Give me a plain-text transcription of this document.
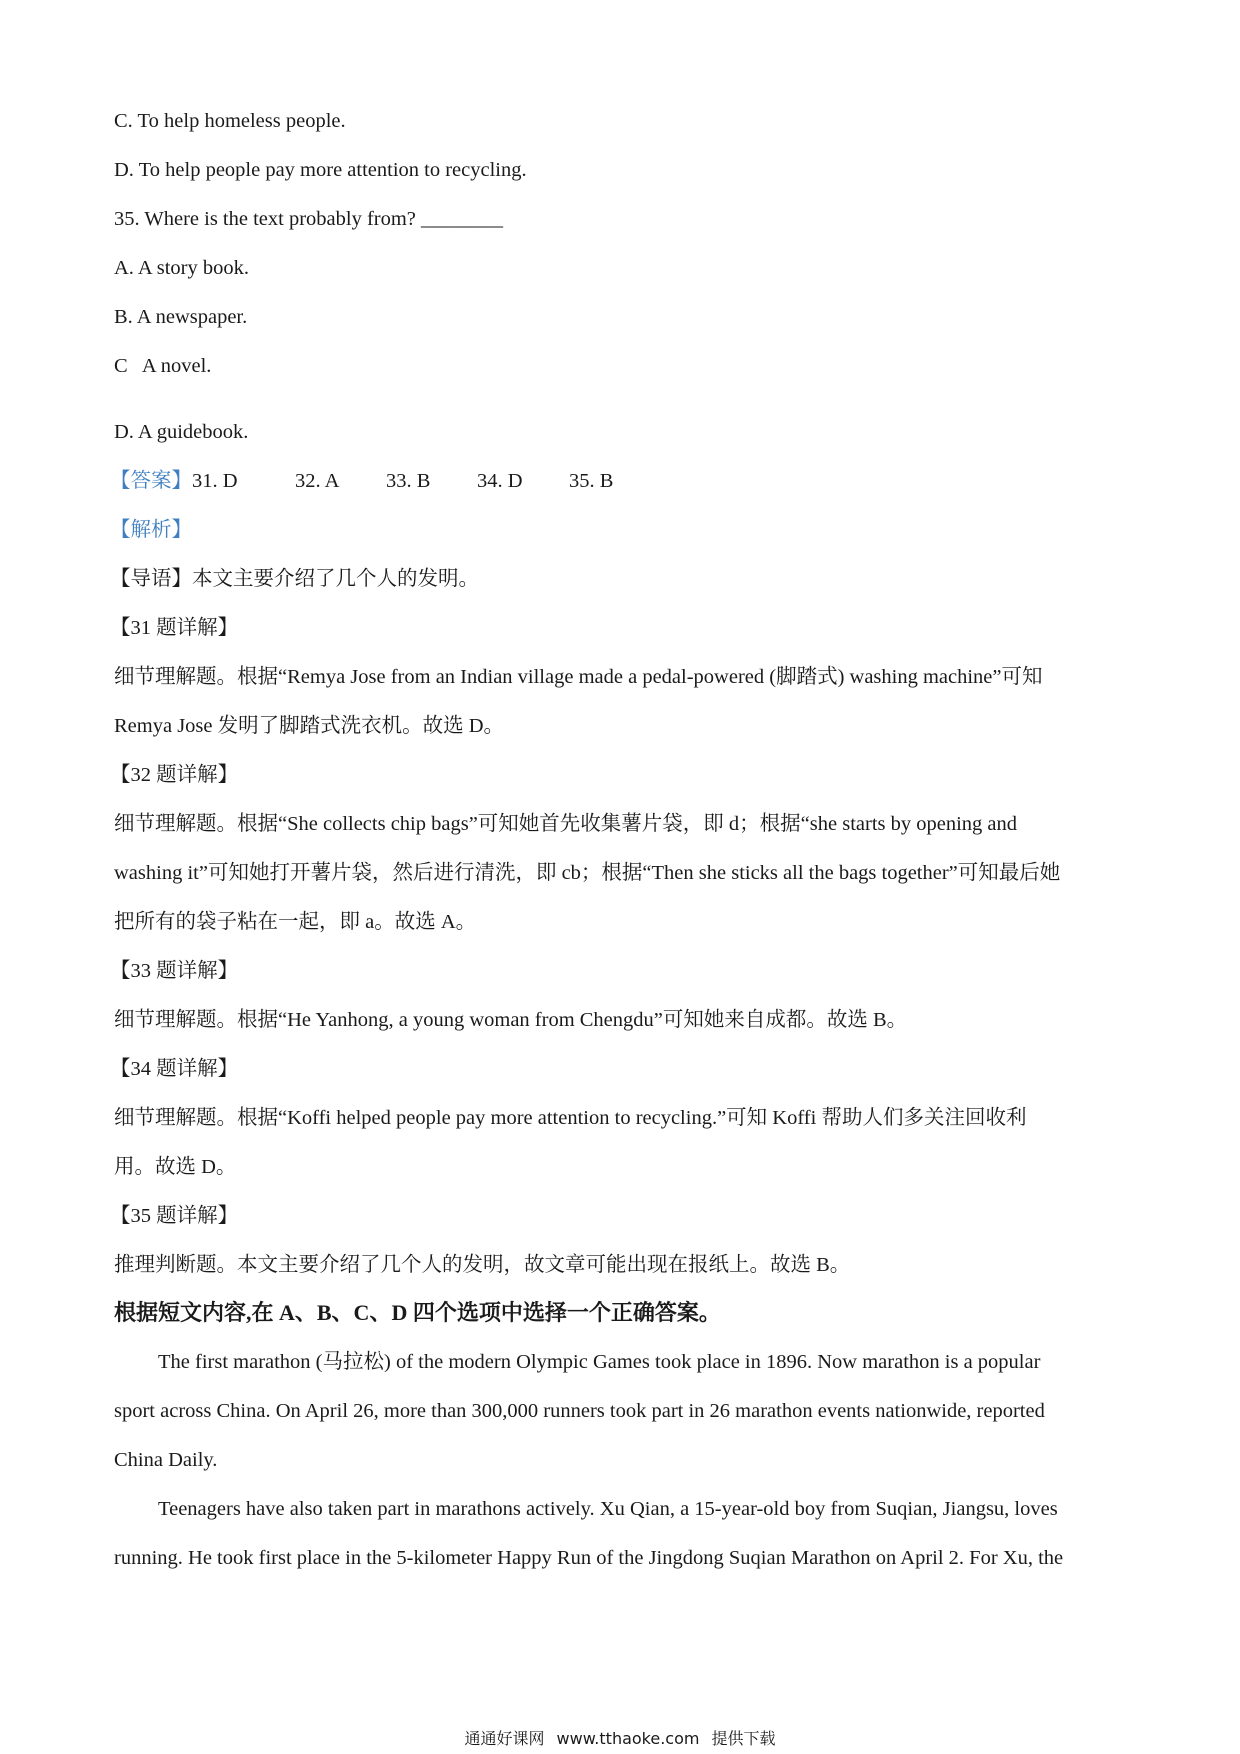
C. To help homeless people.
D. To help people pay more attention to recycling.
35. Where is the text probably from? ________
A. A story book.
B. A newspaper.
C   A novel.
D. A guidebook.
【答案】31. D	32. A 33. B 34. D 35. B
【解析】
【导语】本文主要介绍了几个人的发明。
【31 题详解】
细节理解题。根据“Remya Jose from an Indian village made a pedal-powered (脚踏式) washing machine”可知
Remya Jose 发明了脚踏式洗衣机。故选 D。
【32 题详解】
细节理解题。根据“She collects chip bags”可知她首先收集薯片袋，即 d；根据“she starts by opening and
washing it”可知她打开薯片袋，然后进行清洗，即 cb；根据“Then she sticks all the bags together”可知最后她
把所有的袋子粘在一起，即 a。故选 A。
【33 题详解】
细节理解题。根据“He Yanhong, a young woman from Chengdu”可知她来自成都。故选 B。
【34 题详解】
细节理解题。根据“Koffi helped people pay more attention to recycling.”可知 Koffi 帮助人们多关注回收利
用。故选 D。
【35 题详解】
推理判断题。本文主要介绍了几个人的发明，故文章可能出现在报纸上。故选 B。
根据短文内容,在 A、B、C、D 四个选项中选择一个正确答案。
The first marathon (马拉松) of the modern Olympic Games took place in 1896. Now marathon is a popular
sport across China. On April 26, more than 300,000 runners took part in 26 marathon events nationwide, reported
China Daily.
Teenagers have also taken part in marathons actively. Xu Qian, a 15-year-old boy from Suqian, Jiangsu, loves
running. He took first place in the 5-kilometer Happy Run of the Jingdong Suqian Marathon on April 2. For Xu, the
通通好课网 www.tthaoke.com 提供下载
